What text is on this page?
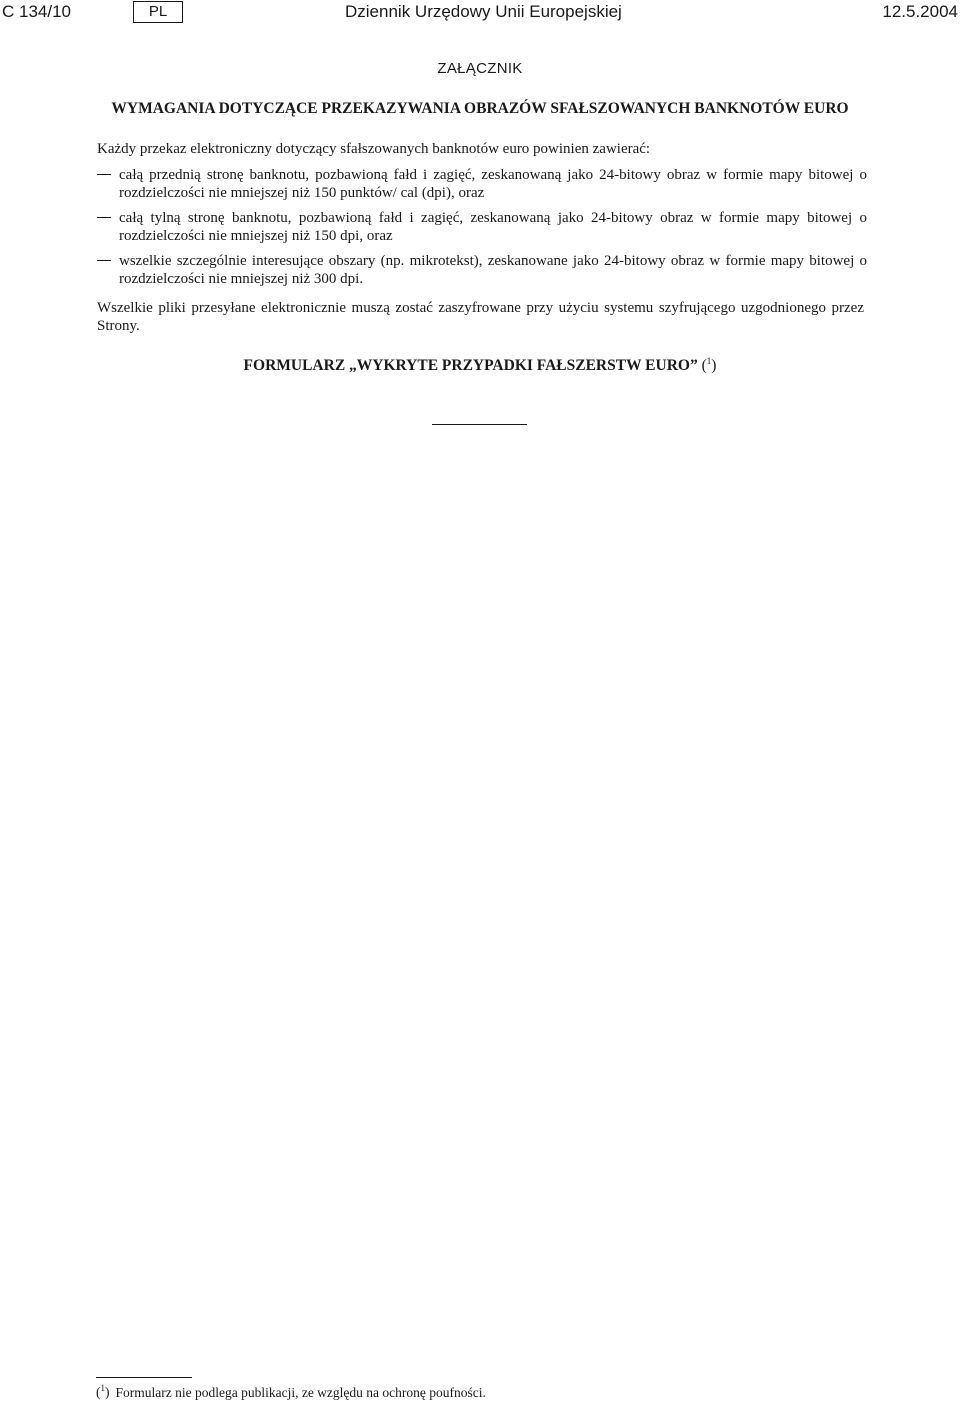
C 134/10	PL	Dziennik Urzędowy Unii Europejskiej	12.5.2004
ZAŁĄCZNIK
WYMAGANIA DOTYCZĄCE PRZEKAZYWANIA OBRAZÓW SFAŁSZOWANYCH BANKNOTÓW EURO
Każdy przekaz elektroniczny dotyczący sfałszowanych banknotów euro powinien zawierać:
całą przednią stronę banknotu, pozbawioną fałd i zagięć, zeskanowaną jako 24-bitowy obraz w formie mapy bitowej o rozdzielczości nie mniejszej niż 150 punktów/ cal (dpi), oraz
całą tylną stronę banknotu, pozbawioną fałd i zagięć, zeskanowaną jako 24-bitowy obraz w formie mapy bitowej o rozdzielczości nie mniejszej niż 150 dpi, oraz
wszelkie szczególnie interesujące obszary (np. mikrotekst), zeskanowane jako 24-bitowy obraz w formie mapy bitowej o rozdzielczości nie mniejszej niż 300 dpi.
Wszelkie pliki przesyłane elektronicznie muszą zostać zaszyfrowane przy użyciu systemu szyfrującego uzgodnionego przez Strony.
FORMULARZ „WYKRYTE PRZYPADKI FAŁSZERSTW EURO” ($^1$)
($^1$) Formularz nie podlega publikacji, ze względu na ochronę poufności.
